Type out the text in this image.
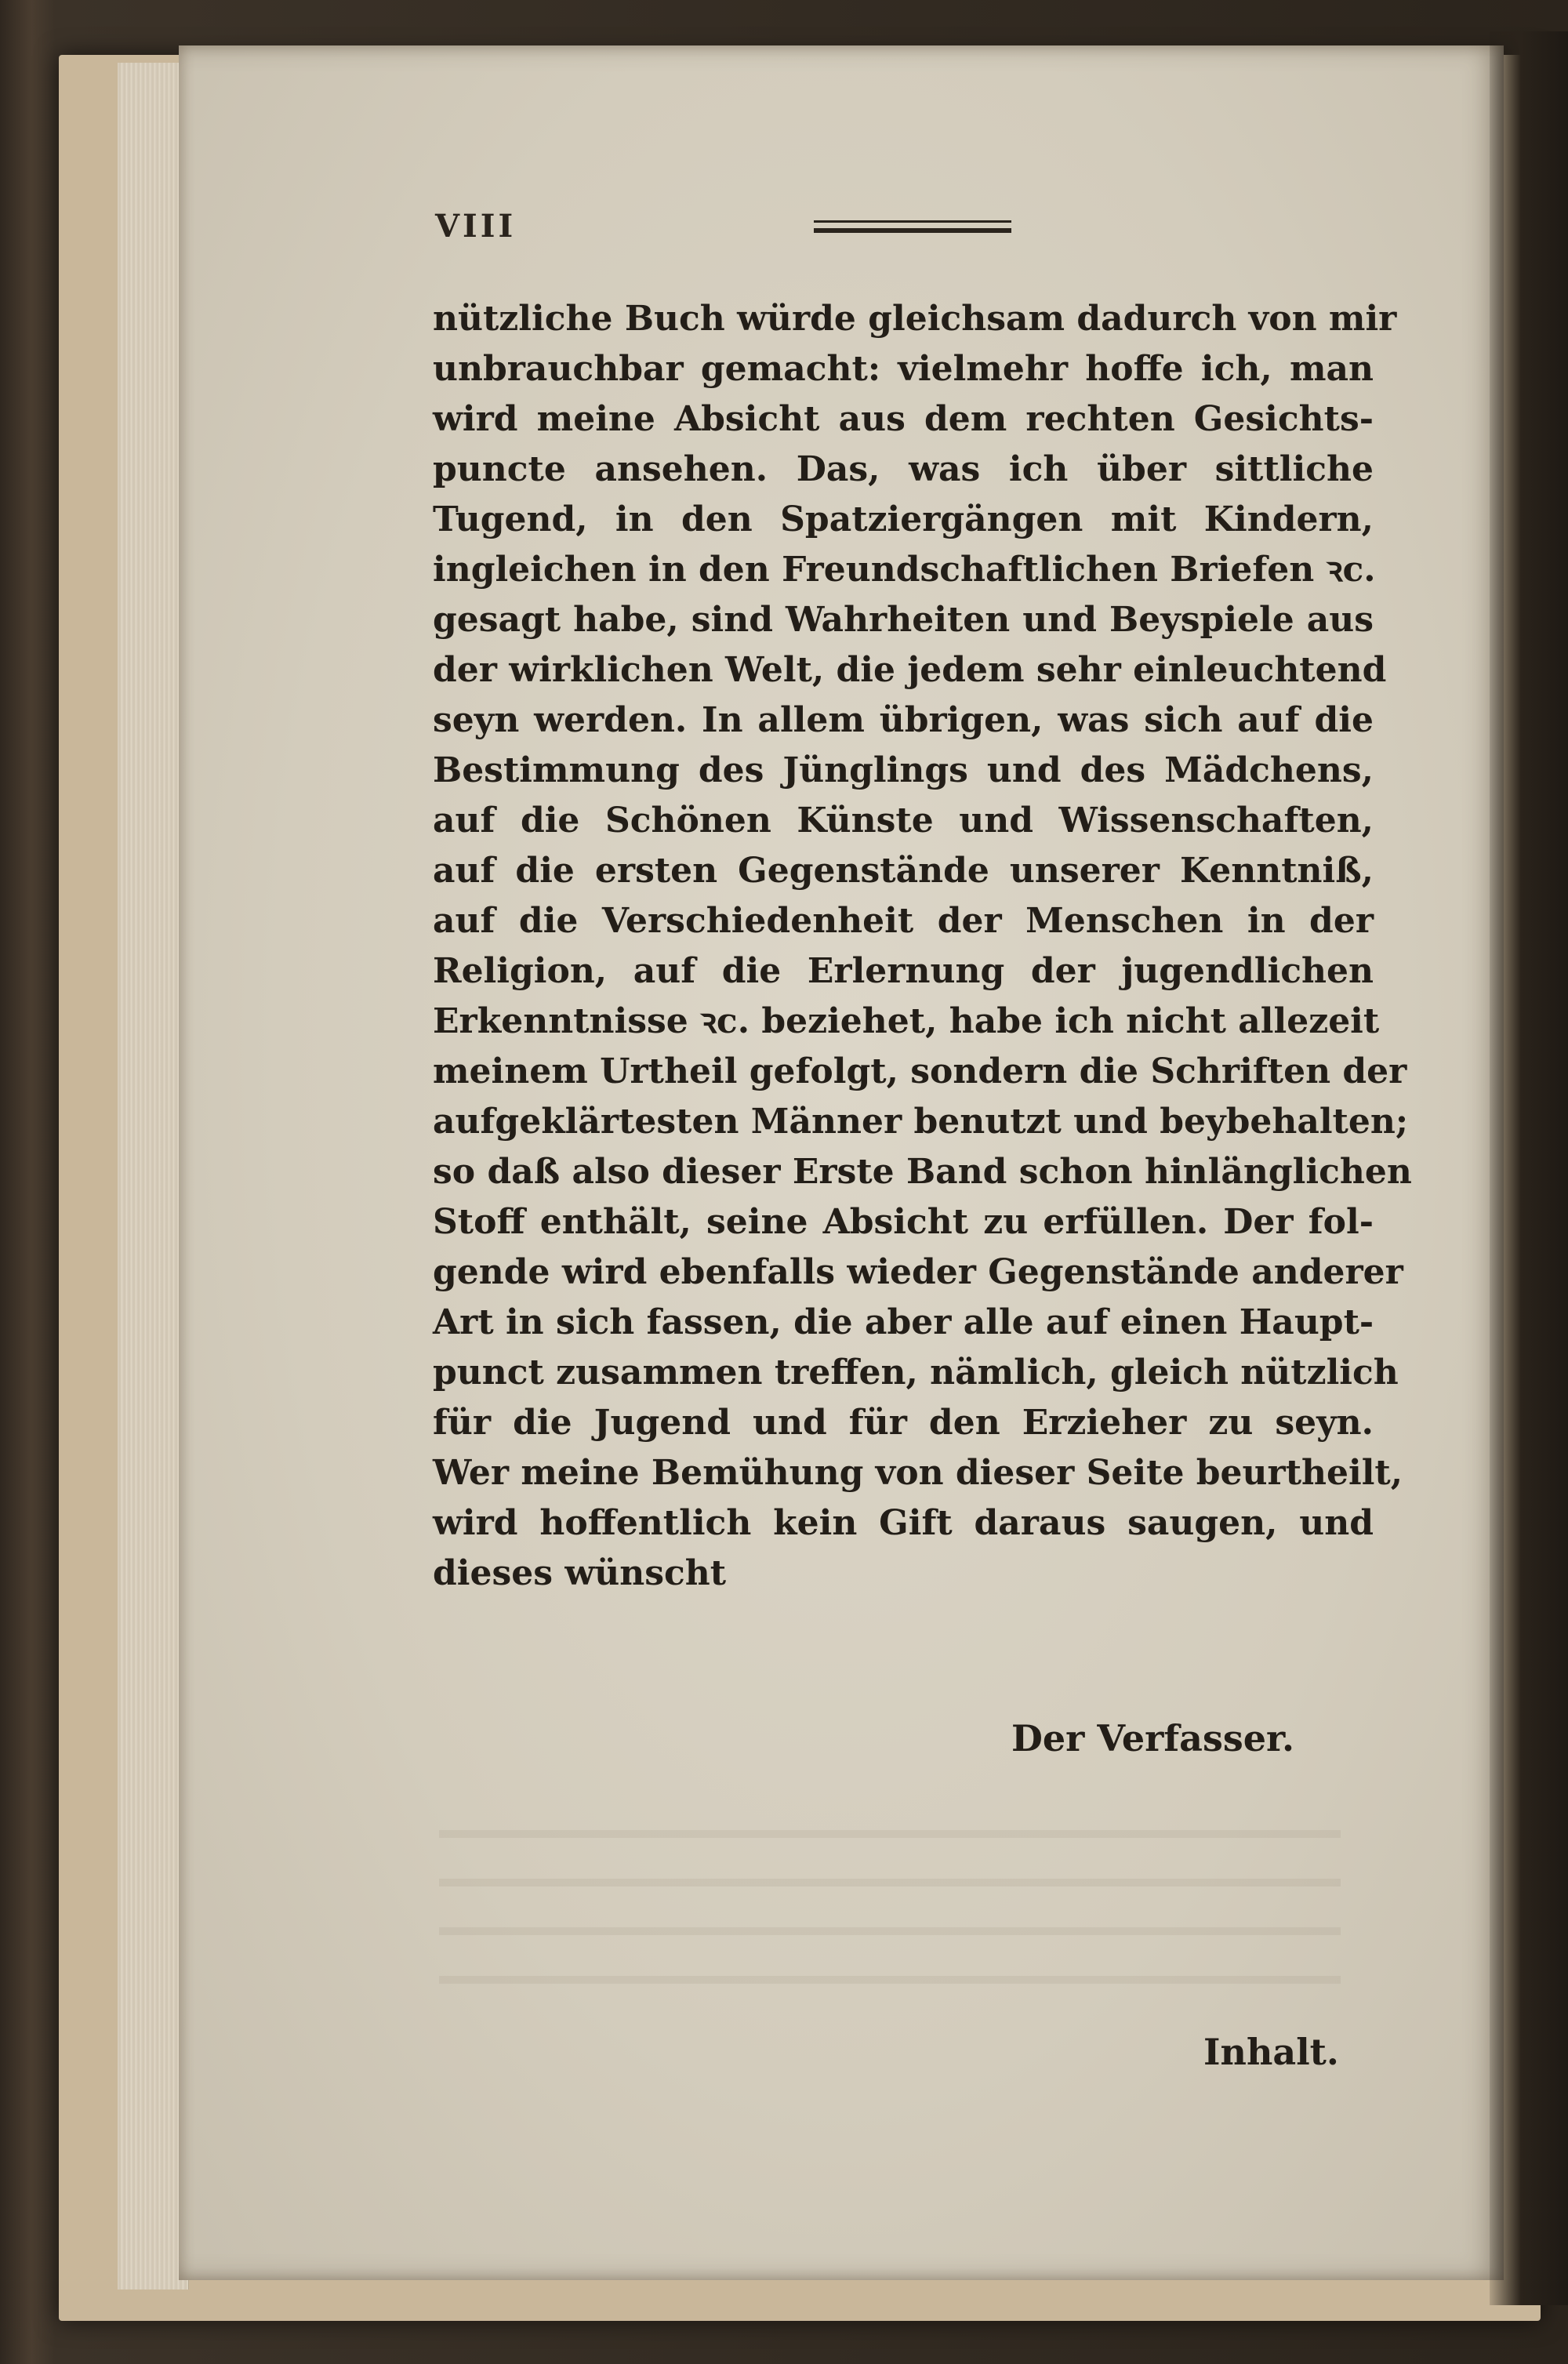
VIII
nützliche Buch würde gleichsam dadurch von mir
unbrauchbar gemacht: vielmehr hoffe ich, man
wird meine Absicht aus dem rechten Gesichts-
puncte ansehen. Das, was ich über sittliche
Tugend, in den Spatziergängen mit Kindern,
ingleichen in den Freundschaftlichen Briefen ꝛc.
gesagt habe, sind Wahrheiten und Beyspiele aus
der wirklichen Welt, die jedem sehr einleuchtend
seyn werden. In allem übrigen, was sich auf die
Bestimmung des Jünglings und des Mädchens,
auf die Schönen Künste und Wissenschaften,
auf die ersten Gegenstände unserer Kenntniß,
auf die Verschiedenheit der Menschen in der
Religion, auf die Erlernung der jugendlichen
Erkenntnisse ꝛc. beziehet, habe ich nicht allezeit
meinem Urtheil gefolgt, sondern die Schriften der
aufgeklärtesten Männer benutzt und beybehalten;
so daß also dieser Erste Band schon hinlänglichen
Stoff enthält, seine Absicht zu erfüllen. Der fol-
gende wird ebenfalls wieder Gegenstände anderer
Art in sich fassen, die aber alle auf einen Haupt-
punct zusammen treffen, nämlich, gleich nützlich
für die Jugend und für den Erzieher zu seyn.
Wer meine Bemühung von dieser Seite beurtheilt,
wird hoffentlich kein Gift daraus saugen, und
dieses wünscht
Der Verfasser.
Inhalt.
